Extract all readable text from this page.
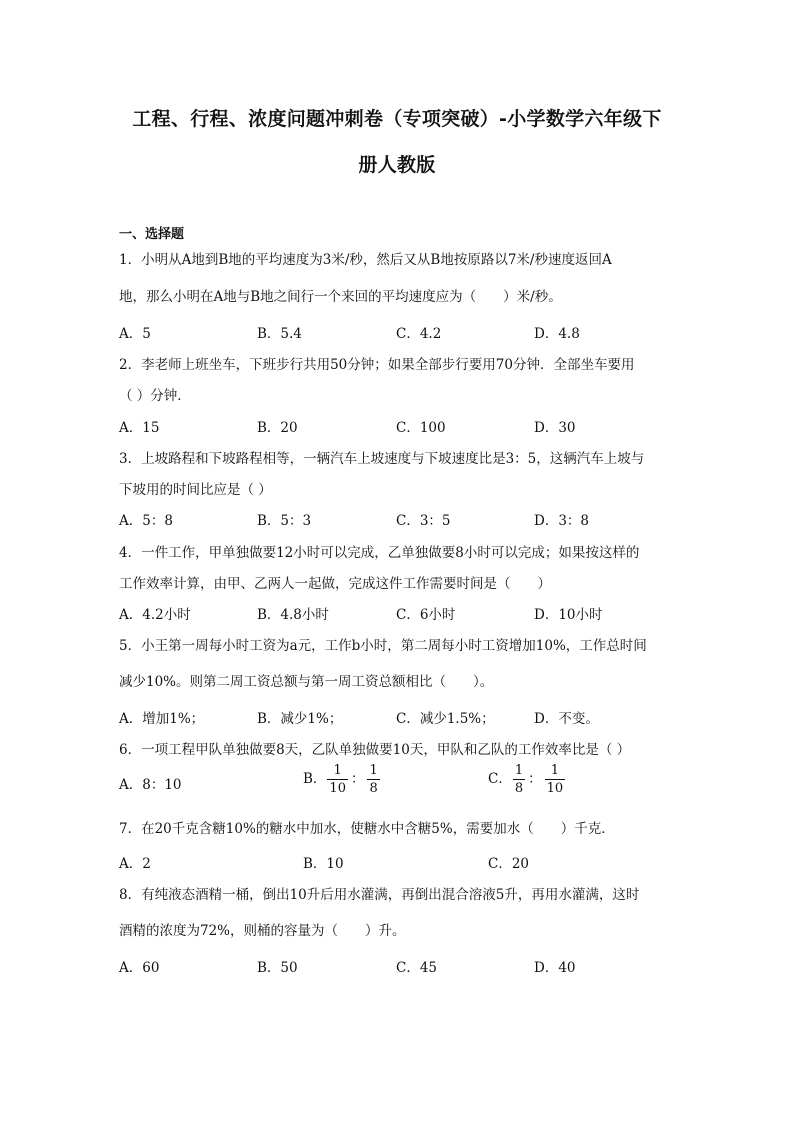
工程、行程、浓度问题冲刺卷（专项突破）-小学数学六年级下
册人教版
一、选择题
1．小明从A地到B地的平均速度为3米/秒，然后又从B地按原路以7米/秒速度返回A
地，那么小明在A地与B地之间行一个来回的平均速度应为（　　）米/秒。
A．5	B．5.4	C．4.2	D．4.8
2．李老师上班坐车，下班步行共用50分钟；如果全部步行要用70分钟．全部坐车要用
（ ）分钟．
A．15	B．20	C．100	D．30
3．上坡路程和下坡路程相等，一辆汽车上坡速度与下坡速度比是3：5，这辆汽车上坡与
下坡用的时间比应是（ ）
A．5：8	B．5：3	C．3：5	D．3：8
4．一件工作，甲单独做要12小时可以完成，乙单独做要8小时可以完成；如果按这样的
工作效率计算，由甲、乙两人一起做，完成这件工作需要时间是（　　）
A．4.2小时	B．4.8小时	C．6小时	D．10小时
5．小王第一周每小时工资为a元，工作b小时，第二周每小时工资增加10%，工作总时间
减少10%。则第二周工资总额与第一周工资总额相比（　　）。
A．增加1%；	B．减少1%；	C．减少1.5%；	D．不变。
6．一项工程甲队单独做要8天，乙队单独做要10天，甲队和乙队的工作效率比是（ ）
A．8：10	B． $\frac{1}{10}$ ： $\frac{1}{8}$	C． $\frac{1}{8}$ ： $\frac{1}{10}$
7．在20千克含糖10%的糖水中加水，使糖水中含糖5%，需要加水（　　）千克．
A．2	B．10	C．20
8．有纯液态酒精一桶，倒出10升后用水灌满，再倒出混合溶液5升，再用水灌满，这时
酒精的浓度为72%，则桶的容量为（　　）升。
A．60	B．50	C．45	D．40
